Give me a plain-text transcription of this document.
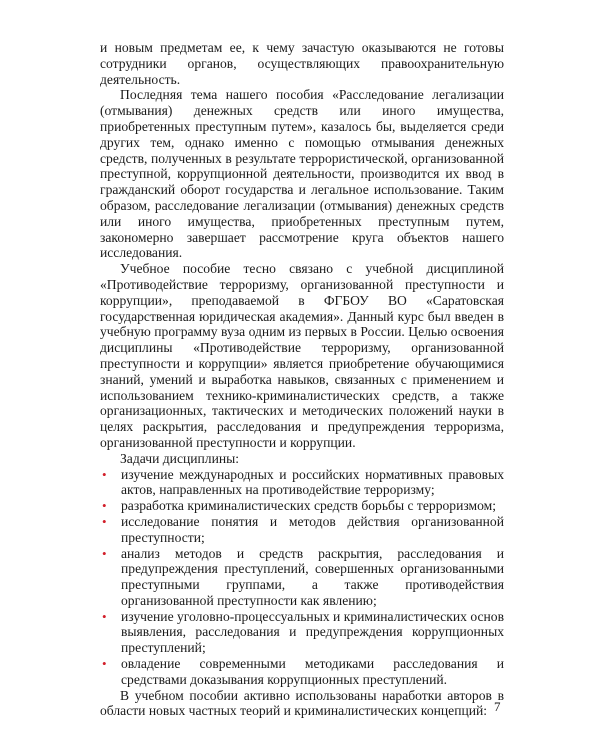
и новым предметам ее, к чему зачастую оказываются не готовы сотрудники органов, осуществляющих правоохранительную деятельность.

Последняя тема нашего пособия «Расследование легализации (отмывания) денежных средств или иного имущества, приобретенных преступным путем», казалось бы, выделяется среди других тем, однако именно с помощью отмывания денежных средств, полученных в результате террористической, организованной преступной, коррупционной деятельности, производится их ввод в гражданский оборот государства и легальное использование. Таким образом, расследование легализации (отмывания) денежных средств или иного имущества, приобретенных преступным путем, закономерно завершает рассмотрение круга объектов нашего исследования.

Учебное пособие тесно связано с учебной дисциплиной «Противодействие терроризму, организованной преступности и коррупции», преподаваемой в ФГБОУ ВО «Саратовская государственная юридическая академия». Данный курс был введен в учебную программу вуза одним из первых в России. Целью освоения дисциплины «Противодействие терроризму, организованной преступности и коррупции» является приобретение обучающимися знаний, умений и выработка навыков, связанных с применением и использованием технико-криминалистических средств, а также организационных, тактических и методических положений науки в целях раскрытия, расследования и предупреждения терроризма, организованной преступности и коррупции.

Задачи дисциплины:

• изучение международных и российских нормативных правовых актов, направленных на противодействие терроризму;
• разработка криминалистических средств борьбы с терроризмом;
• исследование понятия и методов действия организованной преступности;
• анализ методов и средств раскрытия, расследования и предупреждения преступлений, совершенных организованными преступными группами, а также противодействия организованной преступности как явлению;
• изучение уголовно-процессуальных и криминалистических основ выявления, расследования и предупреждения коррупционных преступлений;
• овладение современными методиками расследования и средствами доказывания коррупционных преступлений.

В учебном пособии активно использованы наработки авторов в области новых частных теорий и криминалистических концепций: 7
